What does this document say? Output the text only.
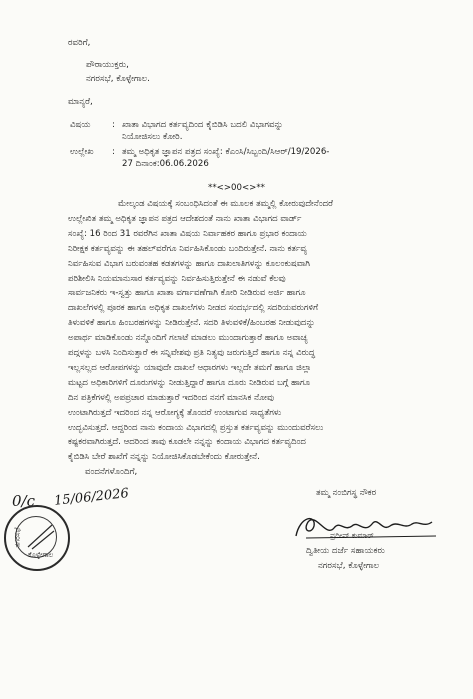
ರವರಿಗೆ,
ಪೌರಾಯುಕ್ತರು,
ನಗರಸಭೆ, ಕೊಳ್ಳೇಗಾಲ.
ಮಾನ್ಯರೆ,
ವಿಷಯ	: ಖಾತಾ ವಿಭಾಗದ ಕರ್ತವ್ಯದಿಂದ ಕೈಬಿಡಿಸಿ ಬದಲಿ ವಿಭಾಗವನ್ನು
ನಿಯೋಜಿಸಲು ಕೋರಿ.
ಉಲ್ಲೇಖ	: ತಮ್ಮ ಅಧಿಕೃತ ಜ್ಞಾಪನ ಪತ್ರದ ಸಂಖ್ಯೆ: ಕೆಎಂಸಿ/ಸಿಬ್ಬಂದಿ/ಸಿಆರ್/19/2026-
27 ದಿನಾಂಕ:06.06.2026
**<>00<>**
ಮೇಲ್ಕಂಡ ವಿಷಯಕ್ಕೆ ಸಂಬಂಧಿಸಿದಂತೆ ಈ ಮೂಲಕ ತಮ್ಮಲ್ಲಿ ಕೋರುವುದೇನೆಂದರೆ
ಉಲ್ಲೇಖಿತ ತಮ್ಮ ಅಧಿಕೃತ ಜ್ಞಾಪನ ಪತ್ರದ ಆದೇಶದಂತೆ ನಾನು ಖಾತಾ ವಿಭಾಗದ ವಾರ್ಡ್
ಸಂಖ್ಯೆ: 16 ರಿಂದ 31 ರವರೆಗಿನ ಖಾತಾ ವಿಷಯ ನಿರ್ವಾಹಕರ ಹಾಗೂ ಪ್ರಭಾರ ಕಂದಾಯ
ನಿರೀಕ್ಷಕ ಕರ್ತವ್ಯವನ್ನು ಈ ತಹಲ್‌ವರೆಗೂ ನಿರ್ವಹಿಸಿಕೊಂಡು ಬಂದಿರುತ್ತೇನೆ. ನಾನು ಕರ್ತವ್ಯ
ನಿರ್ವಹಿಸುವ ವಿಭಾಗ ಬರುವಂತಹ ಕಡತಗಳನ್ನು ಹಾಗೂ ದಾಖಲಾತಿಗಳನ್ನು ಕೂಲಂಕುಷವಾಗಿ
ಪರಿಶೀಲಿಸಿ ನಿಯಮಾನುಸಾರ ಕರ್ತವ್ಯವನ್ನು ನಿರ್ವಹಿಸುತ್ತಿರುತ್ತೇನೆ ಈ ನಡುವೆ ಕೆಲವು
ಸಾರ್ವಜನಿಕರು ಇ-ಸ್ವತ್ತು ಹಾಗೂ ಖಾತಾ ವರ್ಗಾವಣೆಗಾಗಿ ಕೋರಿ ನೀಡಿರುವ ಅರ್ಜಿ ಹಾಗೂ
ದಾಖಲೆಗಳಲ್ಲಿ ಪೂರಕ ಹಾಗೂ ಅಧಿಕೃತ ದಾಖಲೆಗಳು ನೀಡದ ಸಂದರ್ಭದಲ್ಲಿ ಸದರಿಯವರುಗಳಿಗೆ
ತಿಳುವಳಿಕೆ ಹಾಗೂ ಹಿಂಬರಹಗಳನ್ನು ನೀಡಿರುತ್ತೇನೆ. ಸದರಿ ತಿಳುವಳಿಕೆ/ಹಿಂಬರಹ ನೀಡುವುದನ್ನು
ಅಪಾರ್ಥ ಮಾಡಿಕೊಂಡು ನನ್ನೊಂದಿಗೆ ಗಲಾಟೆ ಮಾಡಲು ಮುಂದಾಗುತ್ತಾರೆ ಹಾಗೂ ಅವಾಚ್ಯ
ಪದ್ಗಳನ್ನು ಬಳಸಿ ನಿಂದಿಸುತ್ತಾರೆ ಈ ಸನ್ನಿವೇಶವು ಪ್ರತಿ ನಿತ್ಯವು ಜರುಗುತ್ತಿದೆ ಹಾಗೂ ನನ್ನ ವಿರುದ್ಧ
ಇಲ್ಲಸಲ್ಲದ ಆರೋಪಗಳನ್ನು ಯಾವುದೇ ದಾಖಲೆ ಆಧಾರಗಳು ಇಲ್ಲದೇ ತಮಗೆ ಹಾಗೂ ಜಿಲ್ಲಾ
ಮಟ್ಟದ ಅಧಿಕಾರಿಗಳಿಗೆ ದೂರುಗಳನ್ನು ನೀಡುತ್ತಿದ್ದಾರೆ ಹಾಗೂ ದೂರು ನೀಡಿರುವ ಬಗ್ಗೆ ಹಾಗೂ
ದಿನ ಪತ್ರಿಕೆಗಳಲ್ಲಿ ಅಪಪ್ರಚಾರ ಮಾಡುತ್ತಾರೆ ಇದರಿಂದ ನನಗೆ ಮಾನಸಿಕ ನೋವು
ಉಂಟಾಗಿರುತ್ತದೆ ಇದರಿಂದ ನನ್ನ ಆರೋಗ್ಯಕ್ಕೆ ತೊಂದರೆ ಉಂಟಾಗುವ ಸಾಧ್ಯತೆಗಳು
ಉದ್ಭವಿಸುತ್ತದೆ. ಆದ್ದರಿಂದ ನಾನು ಕಂದಾಯ ವಿಭಾಗದಲ್ಲಿ ಪ್ರಸ್ತುತ ಕರ್ತವ್ಯವನ್ನು ಮುಂದುವರೆಸಲು
ಕಷ್ಟಕರವಾಗಿರುತ್ತದೆ. ಆದರಿಂದ ತಾವು ಕೂಡಲೇ ನನ್ನನ್ನು ಕಂದಾಯ ವಿಭಾಗದ ಕರ್ತವ್ಯದಿಂದ
ಕೈಬಿಡಿಸಿ ಬೇರೆ ಶಾಖೆಗೆ ನನ್ನನ್ನು ನಿಯೋಜಿಸಿಕೊಡಬೇಕೆಂದು ಕೋರುತ್ತೇನೆ.
ವಂದನೆಗಳೊಂದಿಗೆ,
ತಮ್ಮ ನಂಬಿಗಸ್ಥ ನೌಕರ
ಪ್ರದೀಪ್ ಕುಮಾರ್
ದ್ವಿತೀಯ ದರ್ಜೆ ಸಹಾಯಕರು
ನಗರಸಭೆ, ಕೊಳ್ಳೇಗಾಲ
0/c 15/06/2026
ನಗರಸಭೆ
ಕೊಳ್ಳೇಗಾಲ
